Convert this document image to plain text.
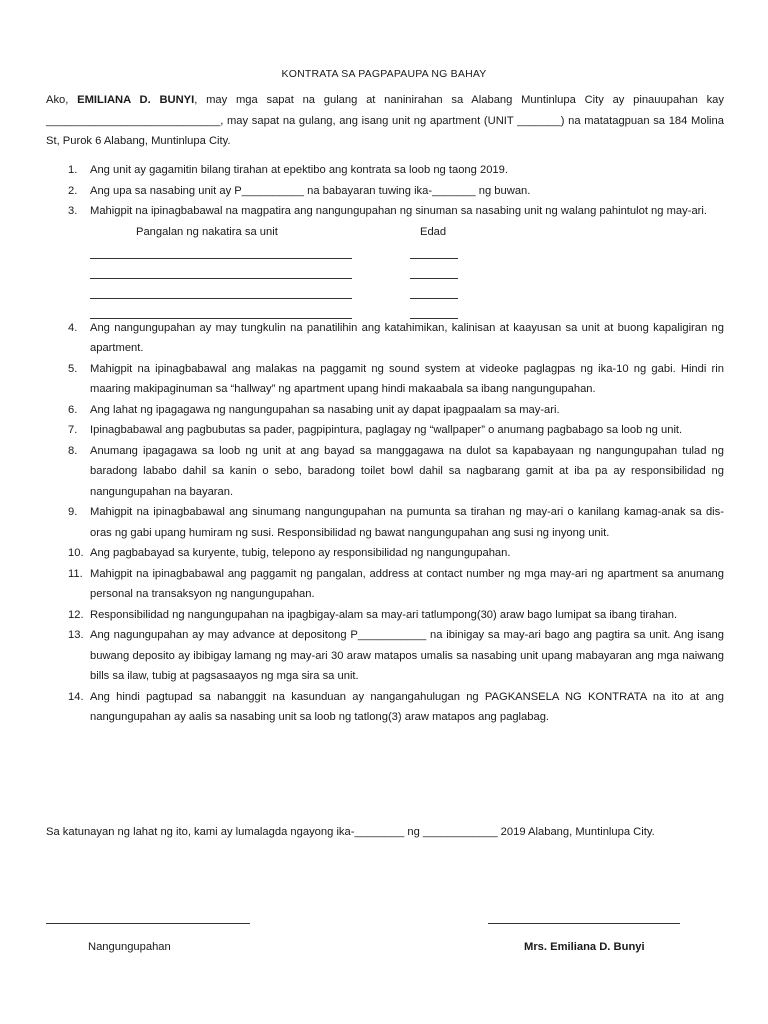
KONTRATA SA PAGPAPAUPA NG BAHAY
Ako, EMILIANA D. BUNYI, may mga sapat na gulang at naninirahan sa Alabang Muntinlupa City ay pinauupahan kay ____________________________, may sapat na gulang, ang isang unit ng apartment (UNIT _______) na matatagpuan sa 184 Molina St, Purok 6 Alabang, Muntinlupa City.
1. Ang unit ay gagamitin bilang tirahan at epektibo ang kontrata sa loob ng taong 2019.
2. Ang upa sa nasabing unit ay P__________ na babayaran tuwing ika-_______ ng buwan.
3. Mahigpit na ipinagbabawal na magpatira ang nangungupahan ng sinuman sa nasabing unit ng walang pahintulot ng may-ari.
Pangalan ng nakatira sa unit	Edad
4. Ang nangungupahan ay may tungkulin na panatilihin ang katahimikan, kalinisan at kaayusan sa unit at buong kapaligiran ng apartment.
5. Mahigpit na ipinagbabawal ang malakas na paggamit ng sound system at videoke paglagpas ng ika-10 ng gabi. Hindi rin maaring makipaginuman sa “hallway” ng apartment upang hindi makaabala sa ibang nangungupahan.
6. Ang lahat ng ipagagawa ng nangungupahan sa nasabing unit ay dapat ipagpaalam sa may-ari.
7. Ipinagbabawal ang pagbubutas sa pader, pagpipintura, paglagay ng “wallpaper” o anumang pagbabago sa loob ng unit.
8. Anumang ipagagawa sa loob ng unit at ang bayad sa manggagawa na dulot sa kapabayaan ng nangungupahan tulad ng baradong lababo dahil sa kanin o sebo, baradong toilet bowl dahil sa nagbarang gamit at iba pa ay responsibilidad ng nangungupahan na bayaran.
9. Mahigpit na ipinagbabawal ang sinumang nangungupahan na pumunta sa tirahan ng may-ari o kanilang kamag-anak sa dis-oras ng gabi upang humiram ng susi. Responsibilidad ng bawat nangungupahan ang susi ng inyong unit.
10. Ang pagbabayad sa kuryente, tubig, telepono ay responsibilidad ng nangungupahan.
11. Mahigpit na ipinagbabawal ang paggamit ng pangalan, address at contact number ng mga may-ari ng apartment sa anumang personal na transaksyon ng nangungupahan.
12. Responsibilidad ng nangungupahan na ipagbigay-alam sa may-ari tatlumpong(30) araw bago lumipat sa ibang tirahan.
13. Ang nagungupahan ay may advance at depositong P___________ na ibinigay sa may-ari bago ang pagtira sa unit. Ang isang buwang deposito ay ibibigay lamang ng may-ari 30 araw matapos umalis sa nasabing unit upang mabayaran ang mga naiwang bills sa ilaw, tubig at pagsasaayos ng mga sira sa unit.
14. Ang hindi pagtupad sa nabanggit na kasunduan ay nangangahulugan ng PAGKANSELA NG KONTRATA na ito at ang nangungupahan ay aalis sa nasabing unit sa loob ng tatlong(3) araw matapos ang paglabag.
Sa katunayan ng lahat ng ito, kami ay lumalagda ngayong ika-________ ng ____________ 2019 Alabang, Muntinlupa City.
Nangungupahan	Mrs. Emiliana D. Bunyi
